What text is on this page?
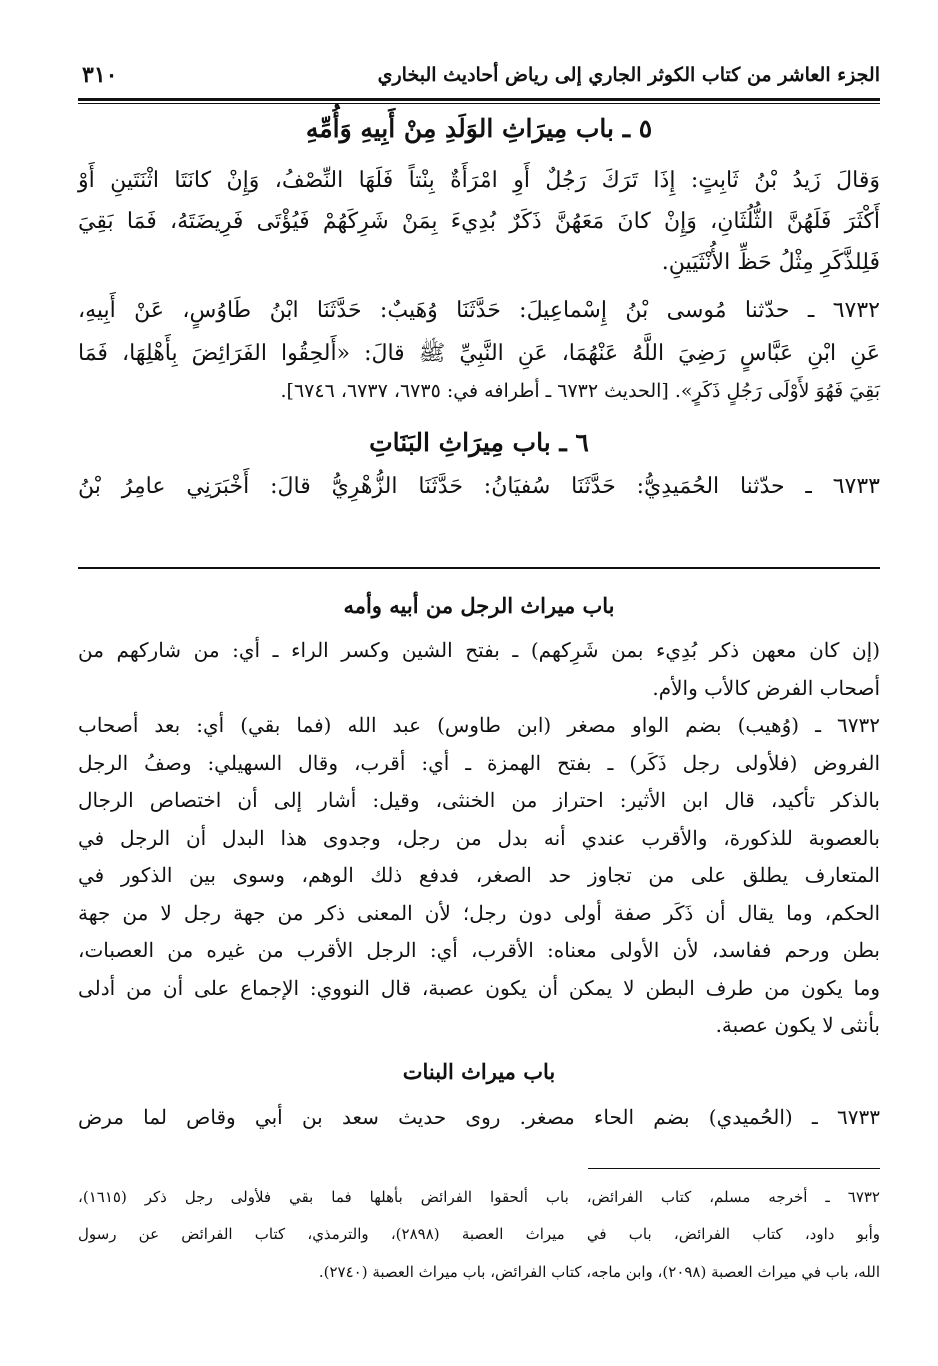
الجزء العاشر من كتاب الكوثر الجاري إلى رياض أحاديث البخاري
٣١٠
٥ ـ باب مِيرَاثِ الوَلَدِ مِنْ أَبِيهِ وَأُمِّهِ
وَقالَ زَيدُ بْنُ ثَابِتٍ: إِذَا تَرَكَ رَجُلٌ أَوِ امْرَأَةٌ بِنْتاً فَلَهَا النِّصْفُ، وَإِنْ كانَتَا اثْنَتَينِ أَوْ
أَكْثَرَ فَلَهُنَّ الثُّلُثَانِ، وَإِنْ كانَ مَعَهُنَّ ذَكَرٌ بُدِيءَ بِمَنْ شَرِكَهُمْ فَيُؤْتَى فَرِيضَتَهُ، فَمَا بَقِيَ
فَلِلذَّكَرِ مِثْلُ حَظِّ الأُنْثَيَينِ.
٦٧٣٢ ـ حدّثنا مُوسى بْنُ إِسْماعِيلَ: حَدَّثَنَا وُهَيبٌ: حَدَّثَنَا ابْنُ طَاوُسٍ، عَنْ أَبِيهِ،
عَنِ ابْنِ عَبَّاسٍ رَضِيَ اللَّهُ عَنْهُمَا، عَنِ النَّبِيِّ ﷺ قالَ: «أَلحِقُوا الفَرَائِضَ بِأَهْلِهَا، فَمَا
بَقِيَ فَهُوَ لأَوْلَى رَجُلٍ ذَكَرٍ». [الحديث ٦٧٣٢ ـ أطرافه في: ٦٧٣٥، ٦٧٣٧، ٦٧٤٦].
٦ ـ باب مِيرَاثِ البَنَاتِ
٦٧٣٣ ـ حدّثنا الحُمَيدِيُّ: حَدَّثَنَا سُفيَانُ: حَدَّثَنَا الزُّهْرِيُّ قالَ: أَخْبَرَنِي عامِرُ بْنُ
باب ميراث الرجل من أبيه وأمه
(إن كان معهن ذكر بُدِيء بمن شَرِكهم) ـ بفتح الشين وكسر الراء ـ أي: من شاركهم من
أصحاب الفرض كالأب والأم.
٦٧٣٢ ـ (وُهيب) بضم الواو مصغر (ابن طاوس) عبد الله (فما بقي) أي: بعد أصحاب
الفروض (فلأولى رجل ذَكَر) ـ بفتح الهمزة ـ أي: أقرب، وقال السهيلي: وصفُ الرجل
بالذكر تأكيد، قال ابن الأثير: احتراز من الخنثى، وقيل: أشار إلى أن اختصاص الرجال
بالعصوبة للذكورة، والأقرب عندي أنه بدل من رجل، وجدوى هذا البدل أن الرجل في
المتعارف يطلق على من تجاوز حد الصغر، فدفع ذلك الوهم، وسوى بين الذكور في
الحكم، وما يقال أن ذَكَر صفة أولى دون رجل؛ لأن المعنى ذكر من جهة رجل لا من جهة
بطن ورحم ففاسد، لأن الأولى معناه: الأقرب، أي: الرجل الأقرب من غيره من العصبات،
وما يكون من طرف البطن لا يمكن أن يكون عصبة، قال النووي: الإجماع على أن من أدلى
بأنثى لا يكون عصبة.
باب ميراث البنات
٦٧٣٣ ـ (الحُميدي) بضم الحاء مصغر. روى حديث سعد بن أبي وقاص لما مرض
٦٧٣٢ ـ أخرجه مسلم، كتاب الفرائض، باب ألحقوا الفرائض بأهلها فما بقي فلأولى رجل ذكر (١٦١٥)،
وأبو داود، كتاب الفرائض، باب في ميراث العصبة (٢٨٩٨)، والترمذي، كتاب الفرائض عن رسول
الله، باب في ميراث العصبة (٢٠٩٨)، وابن ماجه، كتاب الفرائض، باب ميراث العصبة (٢٧٤٠).
